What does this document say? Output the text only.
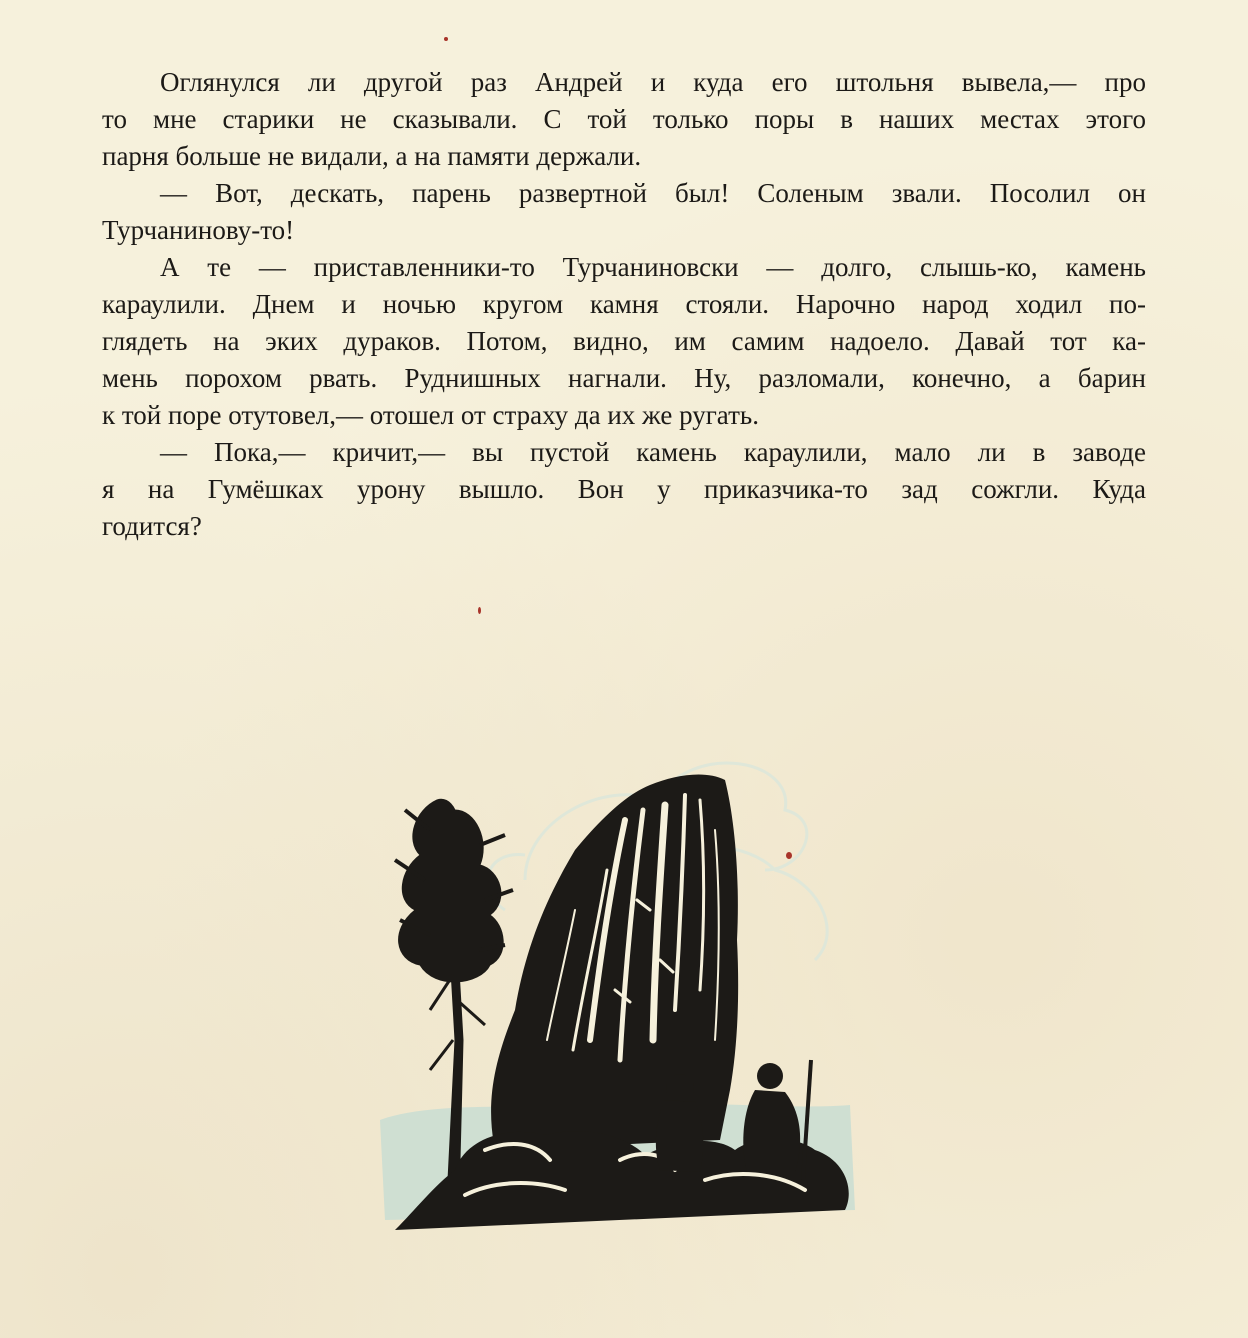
Оглянулся ли другой раз Андрей и куда его штольня вывела,— про
то мне старики не сказывали. С той только поры в наших местах этого
парня больше не видали, а на памяти держали.
— Вот, дескать, парень развертной был! Соленым звали. Посолил он
Турчанинову-то!
А те — приставленники-то Турчаниновски — долго, слышь-ко, камень
караулили. Днем и ночью кругом камня стояли. Нарочно народ ходил по-
глядеть на эких дураков. Потом, видно, им самим надоело. Давай тот ка-
мень порохом рвать. Руднишных нагнали. Ну, разломали, конечно, а барин
к той поре отутовел,— отошел от страху да их же ругать.
— Пока,— кричит,— вы пустой камень караулили, мало ли в заводе
я на Гумёшках урону вышло. Вон у приказчика-то зад сожгли. Куда
годится?
